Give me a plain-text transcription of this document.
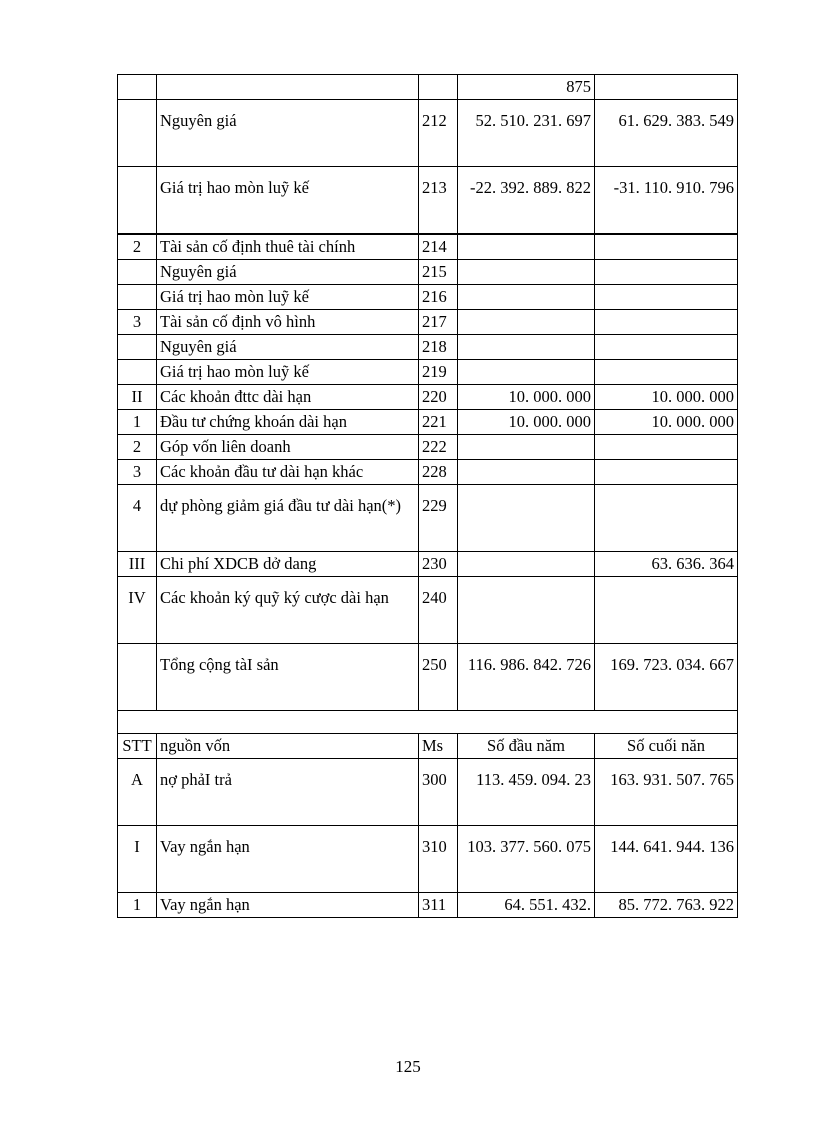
			875	
	Nguyên giá	212	52. 510. 231. 697	61. 629. 383. 549
	Giá trị hao mòn luỹ kế	213	-22. 392. 889. 822	-31. 110. 910. 796
2	Tài sản cố định thuê tài chính	214		
	Nguyên giá	215		
	Giá trị hao mòn luỹ kế	216		
3	Tài sản cố định vô hình	217		
	Nguyên giá	218		
	Giá trị hao mòn luỹ kế	219		
II	Các khoản đttc dài hạn	220	10. 000. 000	10. 000. 000
1	Đầu tư chứng khoán dài hạn	221	10. 000. 000	10. 000. 000
2	Góp vốn liên doanh	222		
3	Các khoản đầu tư dài hạn khác	228		
4	dự phòng giảm giá đầu tư dài hạn(*)	229		
III	Chi phí XDCB dở dang	230		63. 636. 364
IV	Các khoản ký quỹ ký cược dài hạn	240		
	Tổng cộng tàI sản	250	116. 986. 842. 726	169. 723. 034. 667

STT	nguồn vốn	Ms	Số đầu năm	Số cuối năn
A	nợ phảI trả	300	113. 459. 094. 23	163. 931. 507. 765
I	Vay ngắn hạn	310	103. 377. 560. 075	144. 641. 944. 136
1	Vay ngắn hạn	311	64. 551. 432.	85. 772. 763. 922
125
